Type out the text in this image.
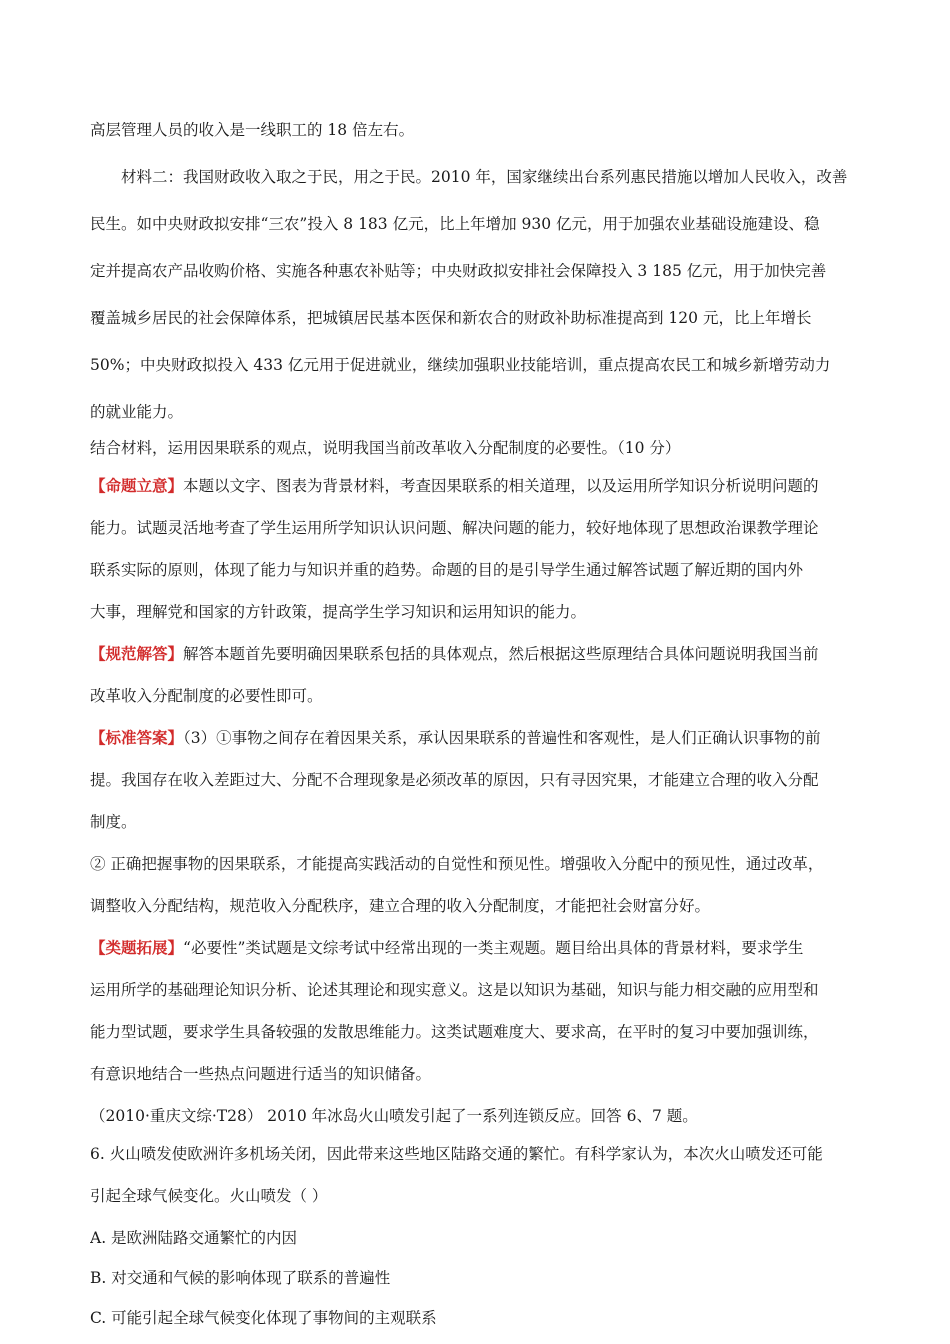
高层管理人员的收入是一线职工的 18 倍左右。
材料二：我国财政收入取之于民，用之于民。2010 年，国家继续出台系列惠民措施以增加人民收入，改善
民生。如中央财政拟安排“三农”投入 8 183 亿元，比上年增加 930 亿元，用于加强农业基础设施建设、稳
定并提高农产品收购价格、实施各种惠农补贴等；中央财政拟安排社会保障投入 3 185 亿元，用于加快完善
覆盖城乡居民的社会保障体系，把城镇居民基本医保和新农合的财政补助标准提高到 120 元，比上年增长
50%；中央财政拟投入 433 亿元用于促进就业，继续加强职业技能培训，重点提高农民工和城乡新增劳动力
的就业能力。
结合材料，运用因果联系的观点，说明我国当前改革收入分配制度的必要性。（10 分）
【命题立意】本题以文字、图表为背景材料，考查因果联系的相关道理，以及运用所学知识分析说明问题的
能力。试题灵活地考查了学生运用所学知识认识问题、解决问题的能力，较好地体现了思想政治课教学理论
联系实际的原则，体现了能力与知识并重的趋势。命题的目的是引导学生通过解答试题了解近期的国内外
大事，理解党和国家的方针政策，提高学生学习知识和运用知识的能力。
【规范解答】解答本题首先要明确因果联系包括的具体观点，然后根据这些原理结合具体问题说明我国当前
改革收入分配制度的必要性即可。
【标准答案】（3）①事物之间存在着因果关系，承认因果联系的普遍性和客观性，是人们正确认识事物的前
提。我国存在收入差距过大、分配不合理现象是必须改革的原因，只有寻因究果，才能建立合理的收入分配
制度。
② 正确把握事物的因果联系，才能提高实践活动的自觉性和预见性。增强收入分配中的预见性，通过改革，
调整收入分配结构，规范收入分配秩序，建立合理的收入分配制度，才能把社会财富分好。
【类题拓展】“必要性”类试题是文综考试中经常出现的一类主观题。题目给出具体的背景材料，要求学生
运用所学的基础理论知识分析、论述其理论和现实意义。这是以知识为基础，知识与能力相交融的应用型和
能力型试题，要求学生具备较强的发散思维能力。这类试题难度大、要求高，在平时的复习中要加强训练，
有意识地结合一些热点问题进行适当的知识储备。
（2010·重庆文综·T28） 2010 年冰岛火山喷发引起了一系列连锁反应。回答 6、7 题。
6. 火山喷发使欧洲许多机场关闭，因此带来这些地区陆路交通的繁忙。有科学家认为，本次火山喷发还可能
引起全球气候变化。火山喷发（ ）
A. 是欧洲陆路交通繁忙的内因
B. 对交通和气候的影响体现了联系的普遍性
C. 可能引起全球气候变化体现了事物间的主观联系
